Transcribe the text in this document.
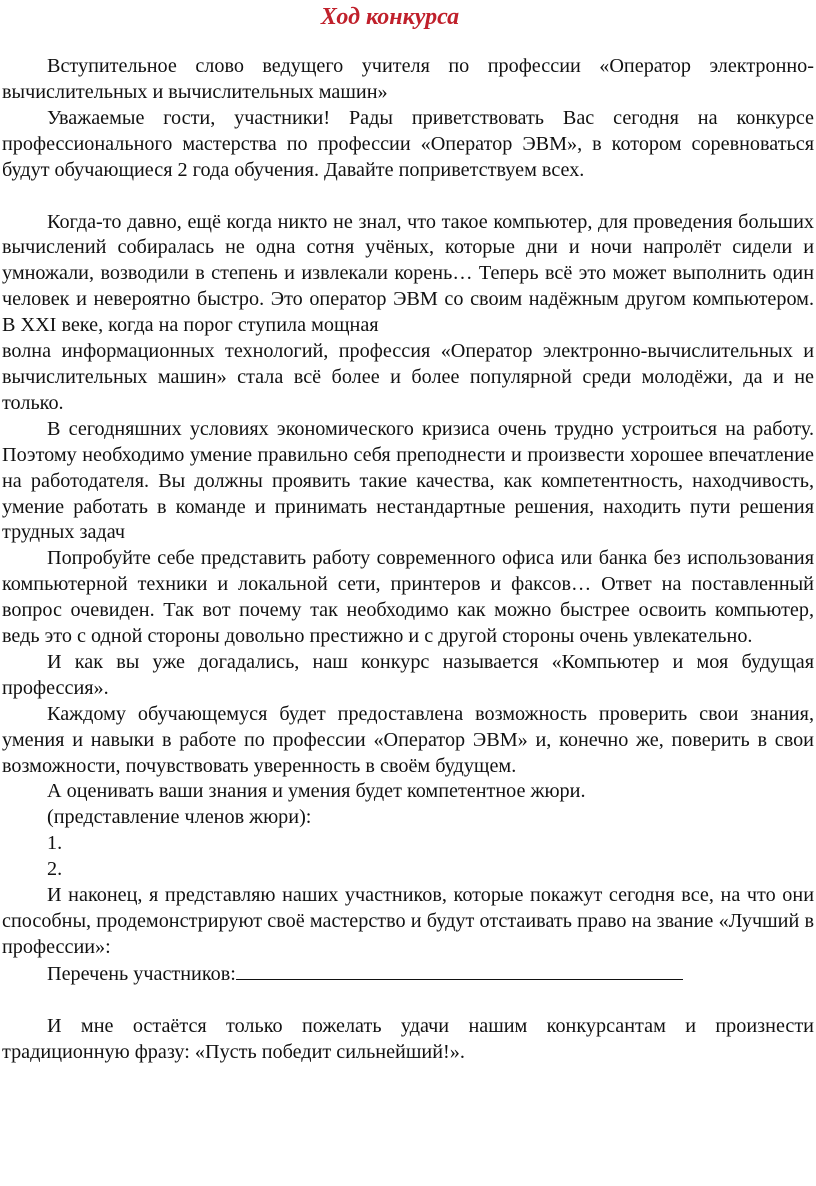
Ход конкурса

Вступительное слово ведущего учителя по профессии «Оператор электронно-вычислительных и вычислительных машин»

Уважаемые гости, участники! Рады приветствовать Вас сегодня на конкурсе профессионального мастерства по профессии «Оператор ЭВМ», в котором соревноваться будут обучающиеся 2 года обучения. Давайте поприветствуем всех.

Когда-то давно, ещё когда никто не знал, что такое компьютер, для проведения больших вычислений собиралась не одна сотня учёных, которые дни и ночи напролёт сидели и умножали, возводили в степень и извлекали корень… Теперь всё это может выполнить один человек и невероятно быстро. Это оператор ЭВМ со своим надёжным другом компьютером. В XXI веке, когда на порог ступила мощная

волна информационных технологий, профессия «Оператор электронно-вычислительных и вычислительных машин» стала всё более и более популярной среди молодёжи, да и не только.

В сегодняшних условиях экономического кризиса очень трудно устроиться на работу. Поэтому необходимо умение правильно себя преподнести и произвести хорошее впечатление на работодателя. Вы должны проявить такие качества, как компетентность, находчивость, умение работать в команде и принимать нестандартные решения, находить пути решения трудных задач

Попробуйте себе представить работу современного офиса или банка без использования компьютерной техники и локальной сети, принтеров и факсов… Ответ на поставленный вопрос очевиден. Так вот почему так необходимо как можно быстрее освоить компьютер, ведь это с одной стороны довольно престижно и с другой стороны очень увлекательно.

И как вы уже догадались, наш конкурс называется «Компьютер и моя будущая профессия».

Каждому обучающемуся будет предоставлена возможность проверить свои знания, умения и навыки в работе по профессии «Оператор ЭВМ» и, конечно же, поверить в свои возможности, почувствовать уверенность в своём будущем.

А оценивать ваши знания и умения будет компетентное жюри.

(представление членов жюри):

1.

2.

И наконец, я представляю наших участников, которые покажут сегодня все, на что они способны, продемонстрируют своё мастерство и будут отстаивать право на звание «Лучший в профессии»:

Перечень участников:

И мне остаётся только пожелать удачи нашим конкурсантам и произнести традиционную фразу: «Пусть победит сильнейший!».
